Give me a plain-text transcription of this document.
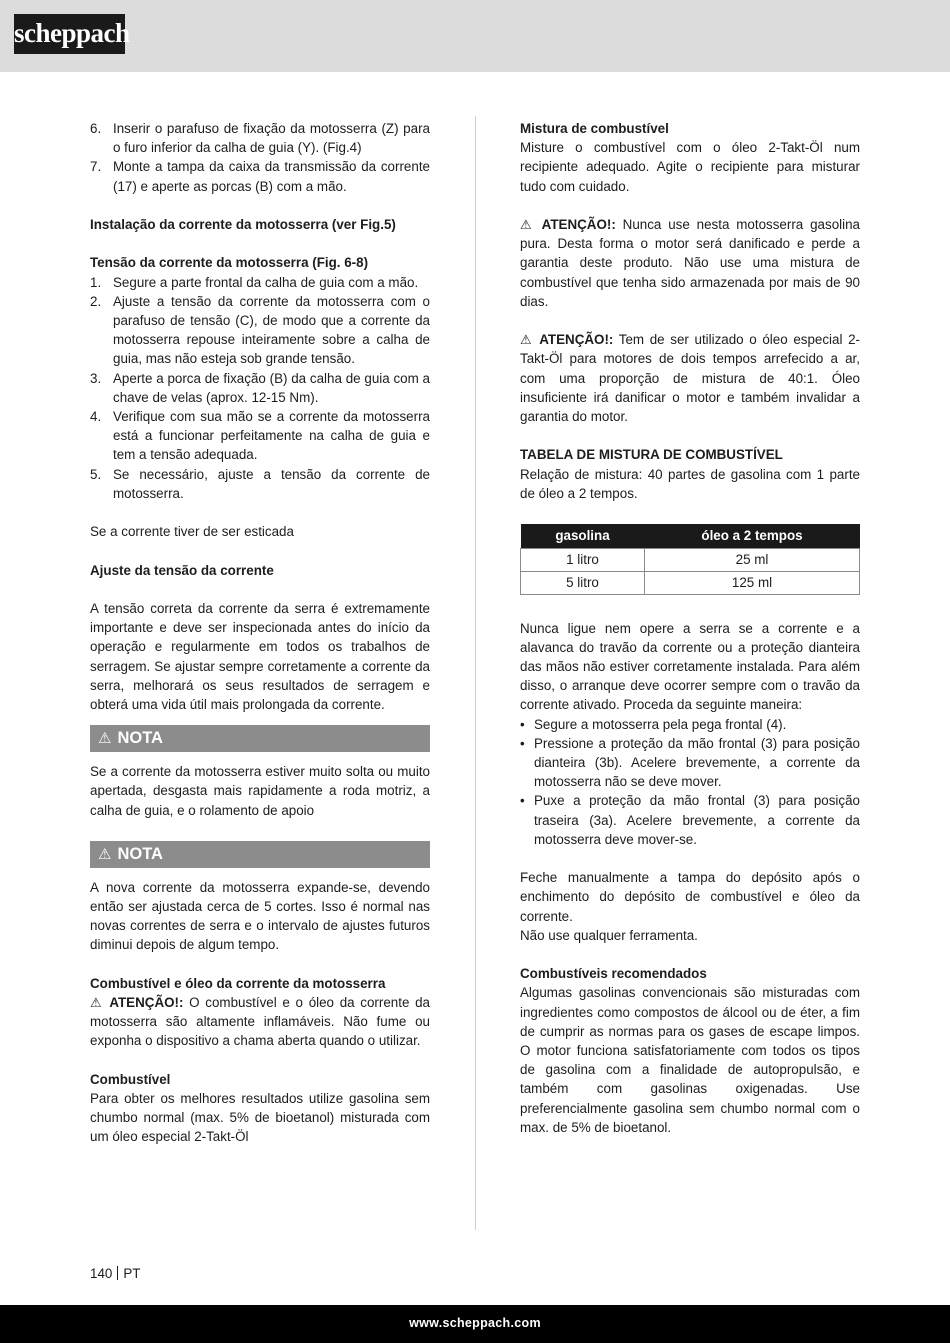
scheppach
6. Inserir o parafuso de fixação da motosserra (Z) para o furo inferior da calha de guia (Y). (Fig.4)
7. Monte a tampa da caixa da transmissão da corrente (17) e aperte as porcas (B) com a mão.

Instalação da corrente da motosserra (ver Fig.5)

Tensão da corrente da motosserra (Fig. 6-8)

1. Segure a parte frontal da calha de guia com a mão.
2. Ajuste a tensão da corrente da motosserra com o parafuso de tensão (C), de modo que a corrente da motosserra repouse inteiramente sobre a calha de guia, mas não esteja sob grande tensão.
3. Aperte a porca de fixação (B) da calha de guia com a chave de velas (aprox. 12-15 Nm).
4. Verifique com sua mão se a corrente da motosserra está a funcionar perfeitamente na calha de guia e tem a tensão adequada.
5. Se necessário, ajuste a tensão da corrente de motosserra.

Se a corrente tiver de ser esticada

Ajuste da tensão da corrente

A tensão correta da corrente da serra é extremamente importante e deve ser inspecionada antes do início da operação e regularmente em todos os trabalhos de serragem. Se ajustar sempre corretamente a corrente da serra, melhorará os seus resultados de serragem e obterá uma vida útil mais prolongada da corrente.

⚠ NOTA

Se a corrente da motosserra estiver muito solta ou muito apertada, desgasta mais rapidamente a roda motriz, a calha de guia, e o rolamento de apoio

⚠ NOTA

A nova corrente da motosserra expande-se, devendo então ser ajustada cerca de 5 cortes. Isso é normal nas novas correntes de serra e o intervalo de ajustes futuros diminui depois de algum tempo.

Combustível e óleo da corrente da motosserra

⚠ ATENÇÃO!: O combustível e o óleo da corrente da motosserra são altamente inflamáveis. Não fume ou exponha o dispositivo a chama aberta quando o utilizar.

Combustível

Para obter os melhores resultados utilize gasolina sem chumbo normal (max. 5% de bioetanol) misturada com um óleo especial 2-Takt-Öl

Mistura de combustível

Misture o combustível com o óleo 2-Takt-Öl num recipiente adequado. Agite o recipiente para misturar tudo com cuidado.

⚠ ATENÇÃO!: Nunca use nesta motosserra gasolina pura. Desta forma o motor será danificado e perde a garantia deste produto. Não use uma mistura de combustível que tenha sido armazenada por mais de 90 dias.

⚠ ATENÇÃO!: Tem de ser utilizado o óleo especial 2- Takt-Öl para motores de dois tempos arrefecido a ar, com uma proporção de mistura de 40:1. Óleo insuficiente irá danificar o motor e também invalidar a garantia do motor.

TABELA DE MISTURA DE COMBUSTÍVEL

Relação de mistura: 40 partes de gasolina com 1 parte de óleo a 2 tempos.

gasolina	óleo a 2 tempos
1 litro	25 ml
5 litro	125 ml

Nunca ligue nem opere a serra se a corrente e a alavanca do travão da corrente ou a proteção dianteira das mãos não estiver corretamente instalada. Para além disso, o arranque deve ocorrer sempre com o travão da corrente ativado. Proceda da seguinte maneira:

• Segure a motosserra pela pega frontal (4).
• Pressione a proteção da mão frontal (3) para posição dianteira (3b). Acelere brevemente, a corrente da motosserra não se deve mover.
• Puxe a proteção da mão frontal (3) para posição traseira (3a). Acelere brevemente, a corrente da motosserra deve mover-se.

Feche manualmente a tampa do depósito após o enchimento do depósito de combustível e óleo da corrente.

Não use qualquer ferramenta.

Combustíveis recomendados

Algumas gasolinas convencionais são misturadas com ingredientes como compostos de álcool ou de éter, a fim de cumprir as normas para os gases de escape limpos. O motor funciona satisfatoriamente com todos os tipos de gasolina com a finalidade de autopropulsão, e também com gasolinas oxigenadas. Use preferencialmente gasolina sem chumbo normal com o max. de 5% de bioetanol.

140 PT
www.scheppach.com
